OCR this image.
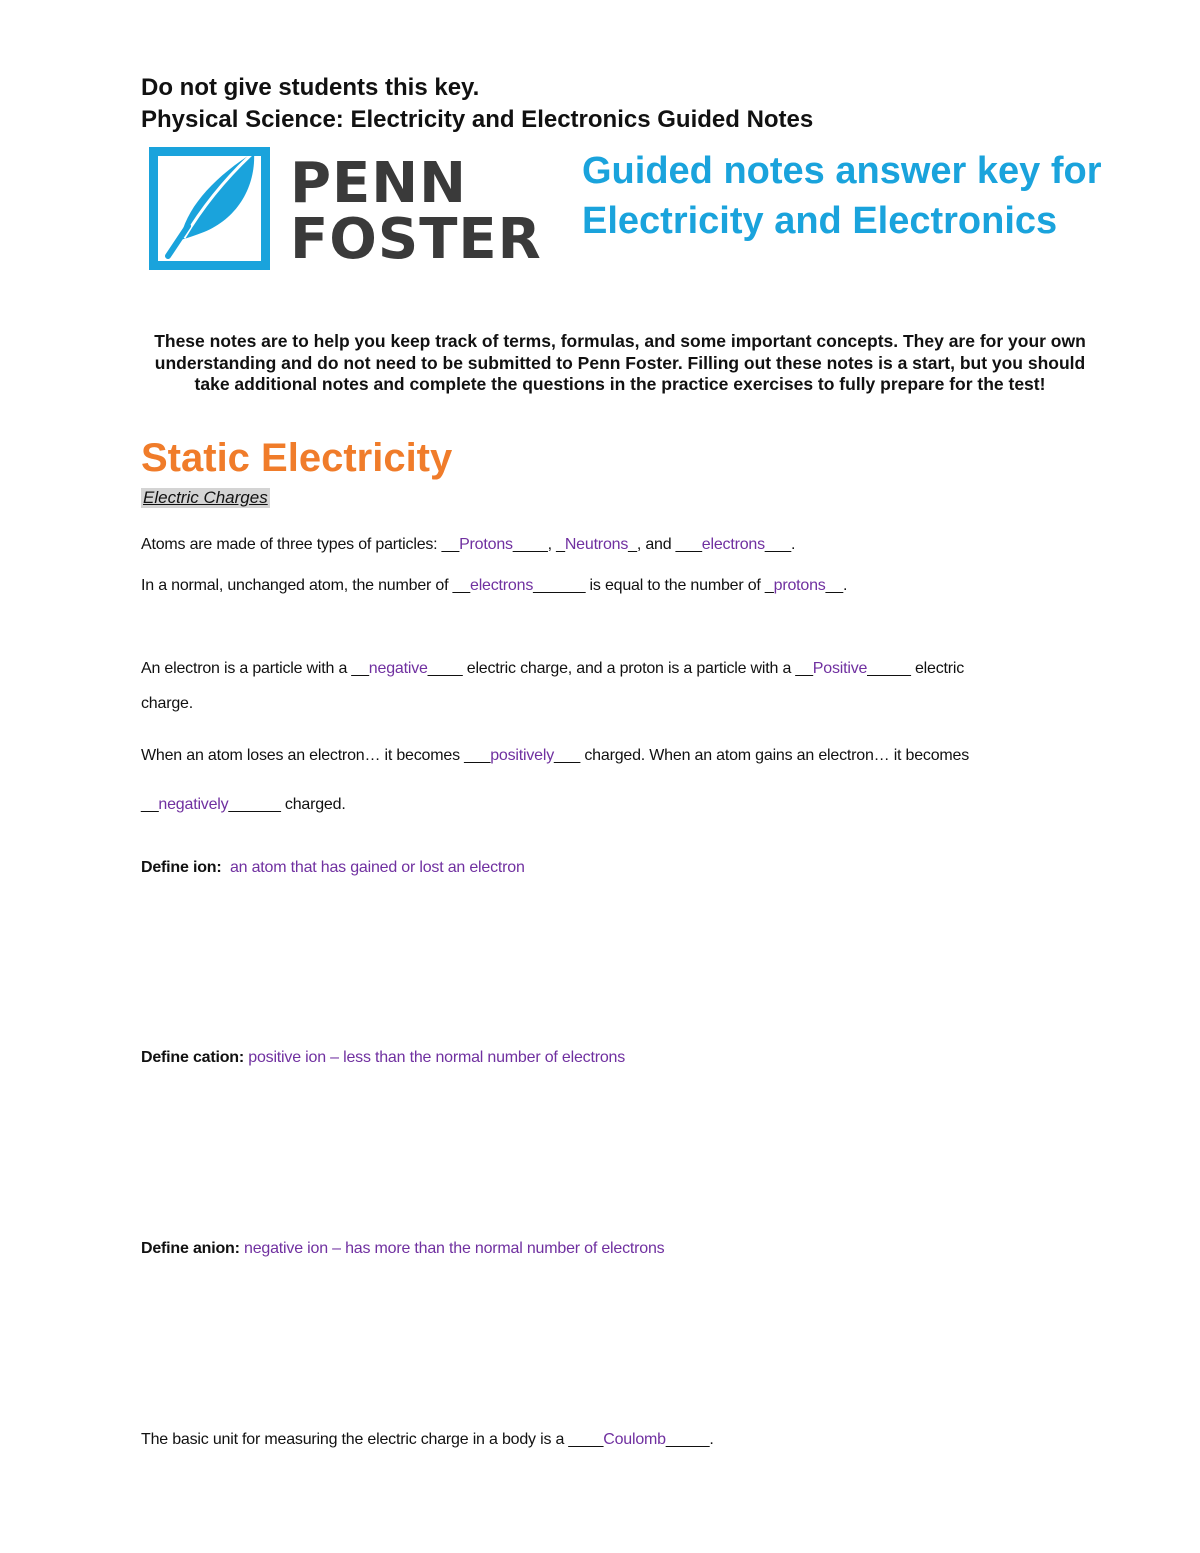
Do not give students this key.
Physical Science: Electricity and Electronics Guided Notes
PENN
FOSTER
Guided notes answer key for Electricity and Electronics
These notes are to help you keep track of terms, formulas, and some important concepts. They are for your own understanding and do not need to be submitted to Penn Foster. Filling out these notes is a start, but you should take additional notes and complete the questions in the practice exercises to fully prepare for the test!
Static Electricity
Electric Charges
Atoms are made of three types of particles: __Protons____, _Neutrons_, and ___electrons___.
In a normal, unchanged atom, the number of __electrons______ is equal to the number of _protons__.
An electron is a particle with a __negative____ electric charge, and a proton is a particle with a __Positive_____ electric
charge.
When an atom loses an electron… it becomes ___positively___ charged. When an atom gains an electron… it becomes
__negatively______ charged.
Define ion: an atom that has gained or lost an electron
Define cation: positive ion – less than the normal number of electrons
Define anion: negative ion – has more than the normal number of electrons
The basic unit for measuring the electric charge in a body is a ____Coulomb_____.
